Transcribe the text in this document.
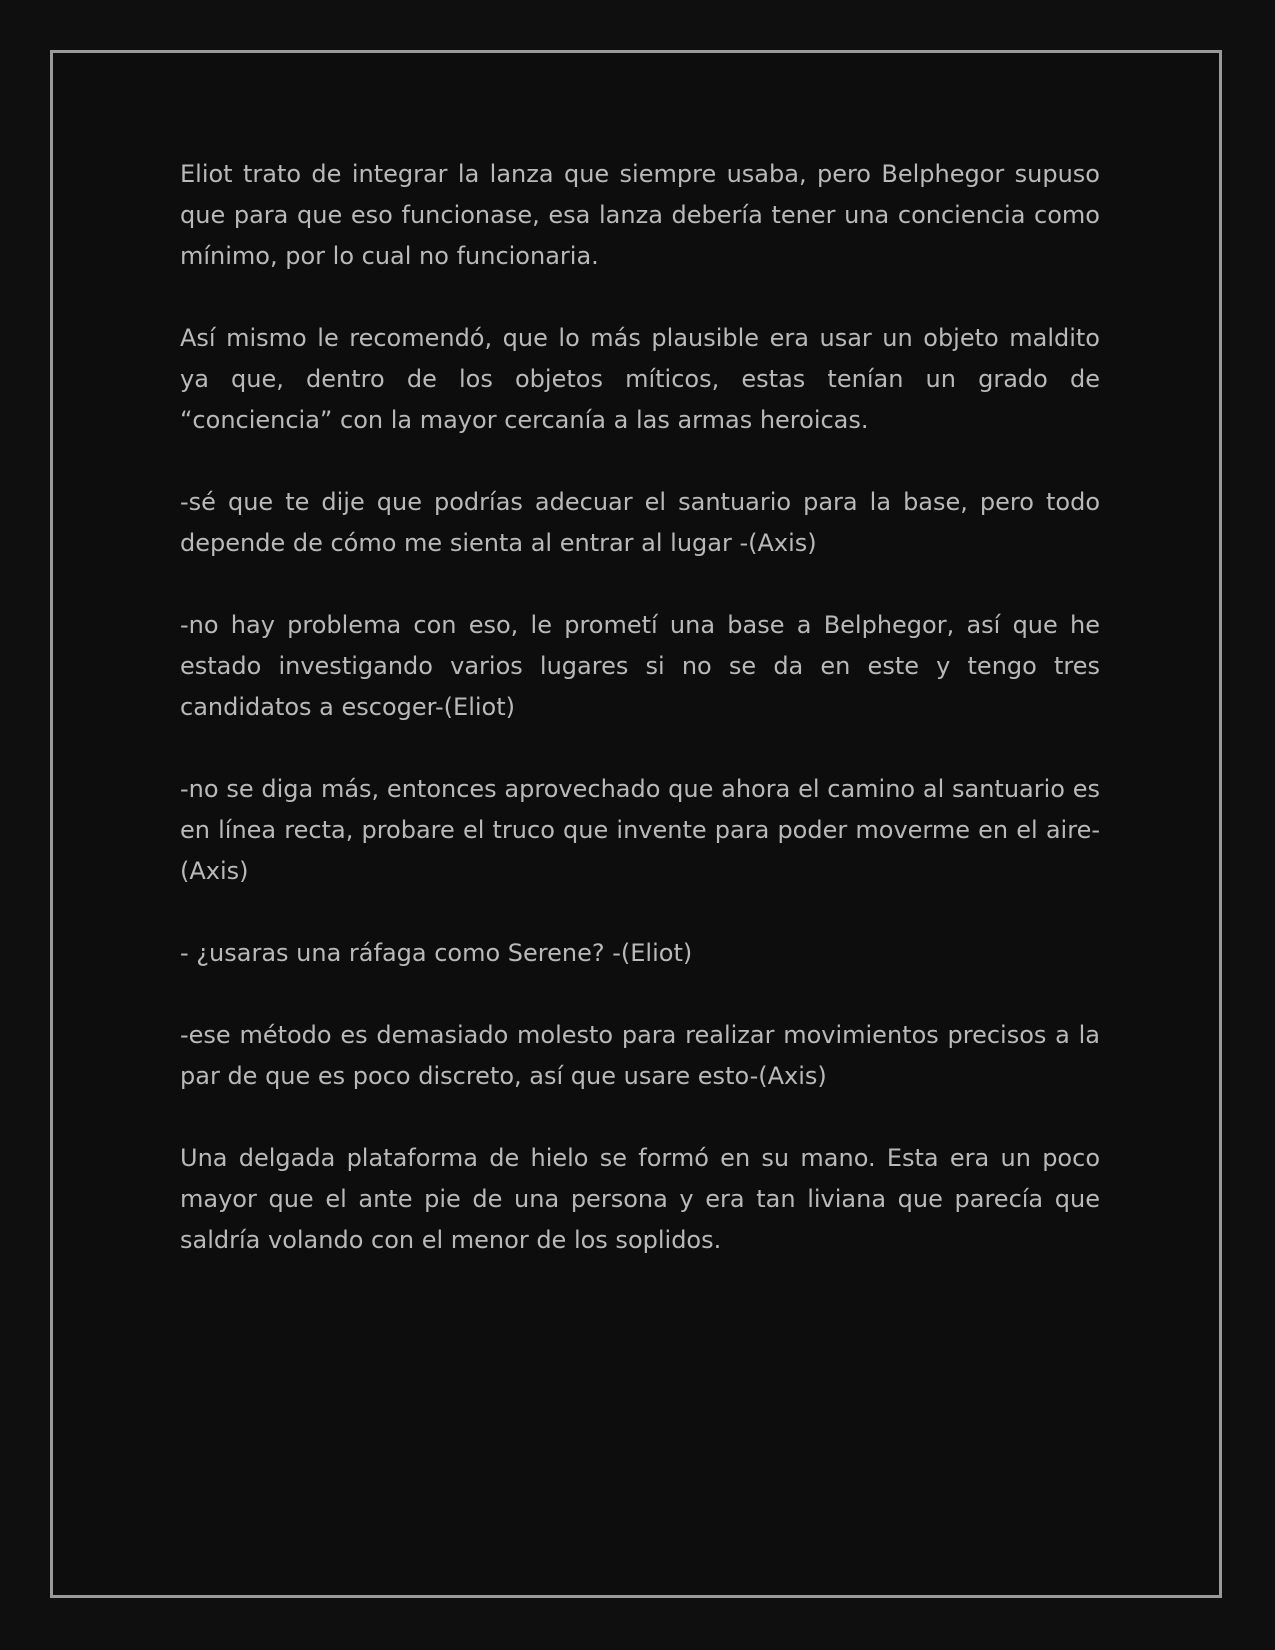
Eliot trato de integrar la lanza que siempre usaba, pero Belphegor supuso que para que eso funcionase, esa lanza debería tener una conciencia como mínimo, por lo cual no funcionaria.

Así mismo le recomendó, que lo más plausible era usar un objeto maldito ya que, dentro de los objetos míticos, estas tenían un grado de “conciencia” con la mayor cercanía a las armas heroicas.

-sé que te dije que podrías adecuar el santuario para la base, pero todo depende de cómo me sienta al entrar al lugar -(Axis)

-no hay problema con eso, le prometí una base a Belphegor, así que he estado investigando varios lugares si no se da en este y tengo tres candidatos a escoger-(Eliot)

-no se diga más, entonces aprovechado que ahora el camino al santuario es en línea recta, probare el truco que invente para poder moverme en el aire-(Axis)

- ¿usaras una ráfaga como Serene? -(Eliot)

-ese método es demasiado molesto para realizar movimientos precisos a la par de que es poco discreto, así que usare esto-(Axis)

Una delgada plataforma de hielo se formó en su mano. Esta era un poco mayor que el ante pie de una persona y era tan liviana que parecía que saldría volando con el menor de los soplidos.
